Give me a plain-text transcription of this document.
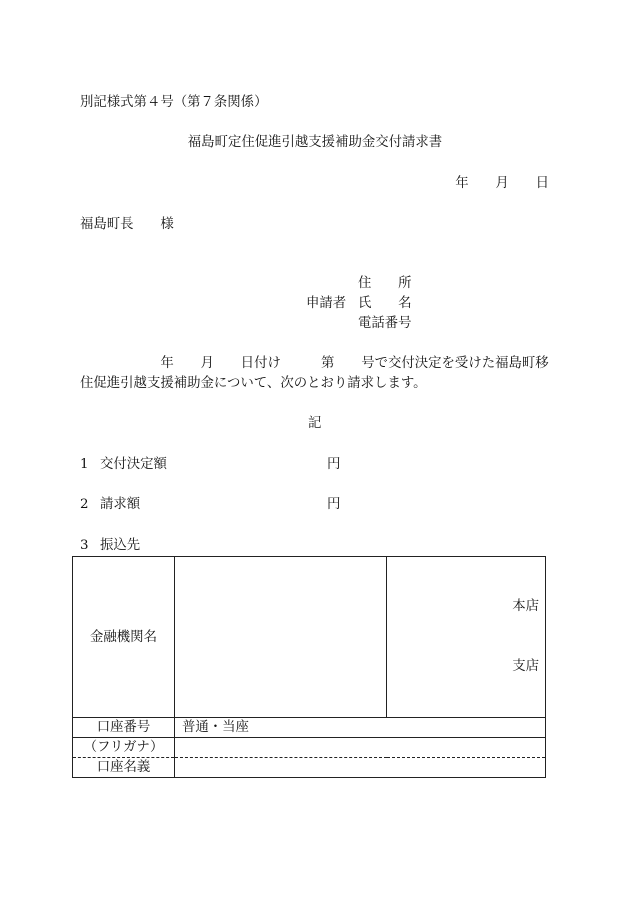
別記様式第４号（第７条関係）
福島町定住促進引越支援補助金交付請求書
年　　月　　日
福島町長　　様
住　　所
申請者 氏　　名
電話番号
　　　　　　年　　月　　日付け　　　第　　号で交付決定を受けた福島町移
住促進引越支援補助金について、次のとおり請求します。
記
1 交付決定額	円
2 請求額	円
3 振込先
金融機関名		本店

支店

口座番号	普通・当座	
（フリガナ）		
口座名義		
